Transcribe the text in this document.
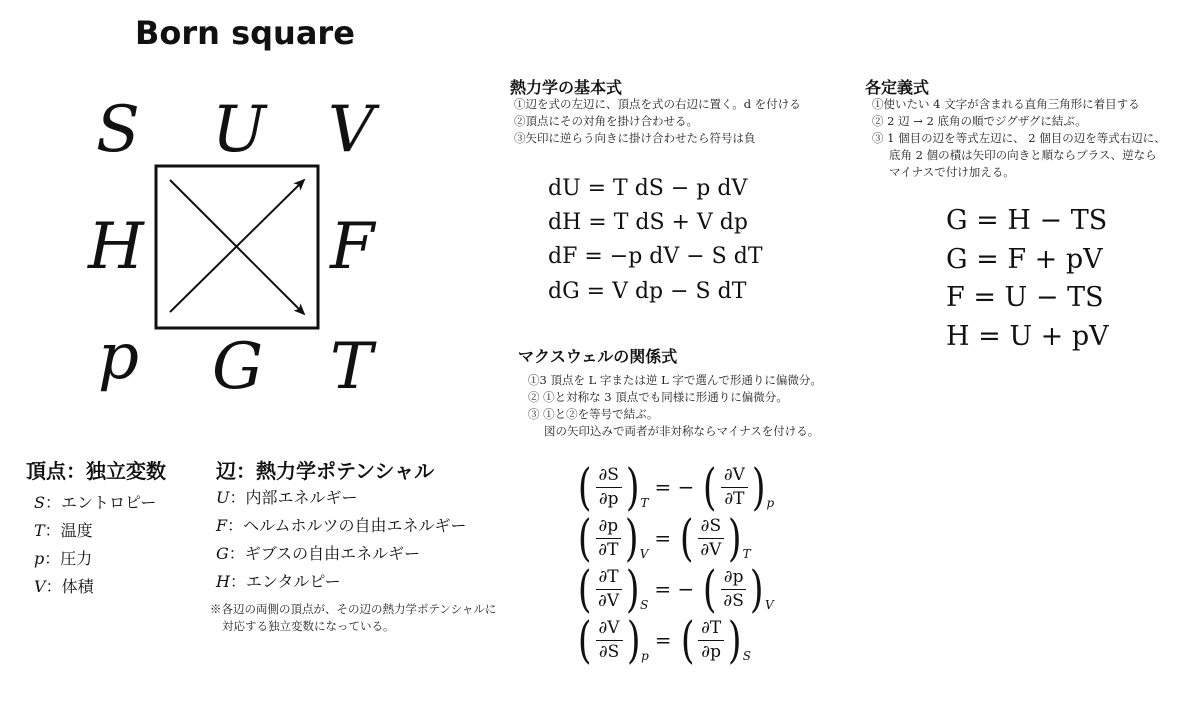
Born square
S U V
H	F
p G T
熱力学の基本式
①辺を式の左辺に、頂点を式の右辺に置く。d を付ける
②頂点にその対角を掛け合わせる。
③矢印に逆らう向きに掛け合わせたら符号は負
dU = T dS − p dV
dH = T dS + V dp
dF = −p dV − S dT
dG = V dp − S dT
各定義式
①使いたい 4 文字が含まれる直角三角形に着目する
② 2 辺 → 2 底角の順でジグザグに結ぶ。
③ 1 個目の辺を等式左辺に、 2 個目の辺を等式右辺に、
底角 2 個の積は矢印の向きと順ならプラス、逆なら
マイナスで付け加える。
G = H − TS
G = F + pV
F = U − TS
H = U + pV
マクスウェルの関係式
①3 頂点を L 字または逆 L 字で選んで形通りに偏微分。
② ①と対称な 3 頂点でも同様に形通りに偏微分。
③ ①と②を等号で結ぶ。
図の矢印込みで両者が非対称ならマイナスを付ける。
( $\frac{\partial S}{\partial p}$ ) T
= − ( $\frac{\partial V}{\partial T}$ ) p
( $\frac{\partial p}{\partial T}$ ) V
= ( $\frac{\partial S}{\partial V}$ ) T
( $\frac{\partial T}{\partial V}$ ) S
= − ( $\frac{\partial p}{\partial S}$ ) V
( $\frac{\partial V}{\partial S}$ ) p
= ( $\frac{\partial T}{\partial p}$ ) S
頂点：独立変数
S：エントロピー
T：温度
p：圧力
V：体積
辺：熱力学ポテンシャル
U：内部エネルギー
F：ヘルムホルツの自由エネルギー
G：ギブスの自由エネルギー
H：エンタルピー
※各辺の両側の頂点が、その辺の熱力学ポテンシャルに
対応する独立変数になっている。
